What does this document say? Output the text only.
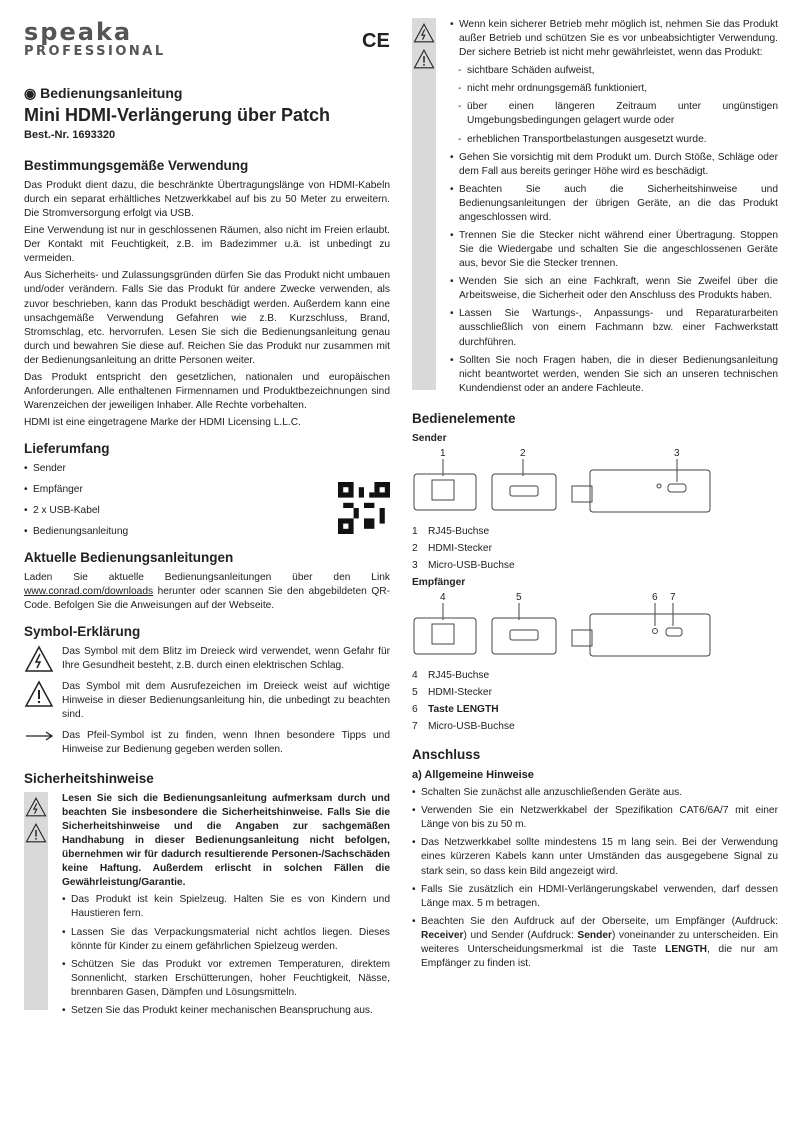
speaka
PROFESSIONAL	CE
◉ Bedienungsanleitung
Mini HDMI-Verlängerung über Patch
Best.-Nr. 1693320
Bestimmungsgemäße Verwendung

Das Produkt dient dazu, die beschränkte Übertragungslänge von HDMI-Kabeln durch ein separat erhältliches Netzwerkkabel auf bis zu 50 Meter zu erweitern. Die Stromversorgung erfolgt via USB.

Eine Verwendung ist nur in geschlossenen Räumen, also nicht im Freien erlaubt. Der Kontakt mit Feuchtigkeit, z.B. im Badezimmer u.ä. ist unbedingt zu vermeiden.

Aus Sicherheits- und Zulassungsgründen dürfen Sie das Produkt nicht umbauen und/oder verändern. Falls Sie das Produkt für andere Zwecke verwenden, als zuvor beschrieben, kann das Produkt beschädigt werden. Außerdem kann eine unsachgemäße Verwendung Gefahren wie z.B. Kurzschluss, Brand, Stromschlag, etc. hervorrufen. Lesen Sie sich die Bedienungsanleitung genau durch und bewahren Sie diese auf. Reichen Sie das Produkt nur zusammen mit der Bedienungsanleitung an dritte Personen weiter.

Das Produkt entspricht den gesetzlichen, nationalen und europäischen Anforderungen. Alle enthaltenen Firmennamen und Produktbezeichnungen sind Warenzeichen der jeweiligen Inhaber. Alle Rechte vorbehalten.

HDMI ist eine eingetragene Marke der HDMI Licensing L.L.C.

Lieferumfang
• Sender
• Empfänger
• 2 x USB-Kabel
• Bedienungsanleitung
Aktuelle Bedienungsanleitungen

Laden Sie aktuelle Bedienungsanleitungen über den Link www.conrad.com/downloads herunter oder scannen Sie den abgebildeten QR-Code. Befolgen Sie die Anweisungen auf der Webseite.

Symbol-Erklärung

Das Symbol mit dem Blitz im Dreieck wird verwendet, wenn Gefahr für Ihre Gesundheit besteht, z.B. durch einen elektrischen Schlag.

Das Symbol mit dem Ausrufezeichen im Dreieck weist auf wichtige Hinweise in dieser Bedienungsanleitung hin, die unbedingt zu beachten sind.

Das Pfeil-Symbol ist zu finden, wenn Ihnen besondere Tipps und Hinweise zur Bedienung gegeben werden sollen.

Sicherheitshinweise

Lesen Sie sich die Bedienungsanleitung aufmerksam durch und beachten Sie insbesondere die Sicherheitshinweise. Falls Sie die Sicherheitshinweise und die Angaben zur sachgemäßen Handhabung in dieser Bedienungsanleitung nicht befolgen, übernehmen wir für dadurch resultierende Personen-/Sachschäden keine Haftung. Außerdem erlischt in solchen Fällen die Gewährleistung/Garantie.

• Das Produkt ist kein Spielzeug. Halten Sie es von Kindern und Haustieren fern.
• Lassen Sie das Verpackungsmaterial nicht achtlos liegen. Dieses könnte für Kinder zu einem gefährlichen Spielzeug werden.
• Schützen Sie das Produkt vor extremen Temperaturen, direktem Sonnenlicht, starken Erschütterungen, hoher Feuchtigkeit, Nässe, brennbaren Gasen, Dämpfen und Lösungsmitteln.
• Setzen Sie das Produkt keiner mechanischen Beanspruchung aus.
• Wenn kein sicherer Betrieb mehr möglich ist, nehmen Sie das Produkt außer Betrieb und schützen Sie es vor unbeabsichtigter Verwendung. Der sichere Betrieb ist nicht mehr gewährleistet, wenn das Produkt:
- sichtbare Schäden aufweist,
- nicht mehr ordnungsgemäß funktioniert,
- über einen längeren Zeitraum unter ungünstigen Umgebungsbedingungen gelagert wurde oder
- erheblichen Transportbelastungen ausgesetzt wurde.
• Gehen Sie vorsichtig mit dem Produkt um. Durch Stöße, Schläge oder dem Fall aus bereits geringer Höhe wird es beschädigt.
• Beachten Sie auch die Sicherheitshinweise und Bedienungsanleitungen der übrigen Geräte, an die das Produkt angeschlossen wird.
• Trennen Sie die Stecker nicht während einer Übertragung. Stoppen Sie die Wiedergabe und schalten Sie die angeschlossenen Geräte aus, bevor Sie die Stecker trennen.
• Wenden Sie sich an eine Fachkraft, wenn Sie Zweifel über die Arbeitsweise, die Sicherheit oder den Anschluss des Produkts haben.
• Lassen Sie Wartungs-, Anpassungs- und Reparaturarbeiten ausschließlich von einem Fachmann bzw. einer Fachwerkstatt durchführen.
• Sollten Sie noch Fragen haben, die in dieser Bedienungsanleitung nicht beantwortet werden, wenden Sie sich an unseren technischen Kundendienst oder an andere Fachleute.
Bedienelemente
Sender
1	2	3
1 RJ45-Buchse
2 HDMI-Stecker
3 Micro-USB-Buchse
Empfänger
4	5	6 7
4 RJ45-Buchse
5 HDMI-Stecker
6 Taste LENGTH
7 Micro-USB-Buchse
Anschluss
a) Allgemeine Hinweise
• Schalten Sie zunächst alle anzuschließenden Geräte aus.
• Verwenden Sie ein Netzwerkkabel der Spezifikation CAT6/6A/7 mit einer Länge von bis zu 50 m.
• Das Netzwerkkabel sollte mindestens 15 m lang sein. Bei der Verwendung eines kürzeren Kabels kann unter Umständen das ausgegebene Signal zu stark sein, so dass kein Bild angezeigt wird.
• Falls Sie zusätzlich ein HDMI-Verlängerungskabel verwenden, darf dessen Länge max. 5 m betragen.
• Beachten Sie den Aufdruck auf der Oberseite, um Empfänger (Aufdruck: Receiver) und Sender (Aufdruck: Sender) voneinander zu unterscheiden. Ein weiteres Unterscheidungsmerkmal ist die Taste LENGTH, die nur am Empfänger zu finden ist.
